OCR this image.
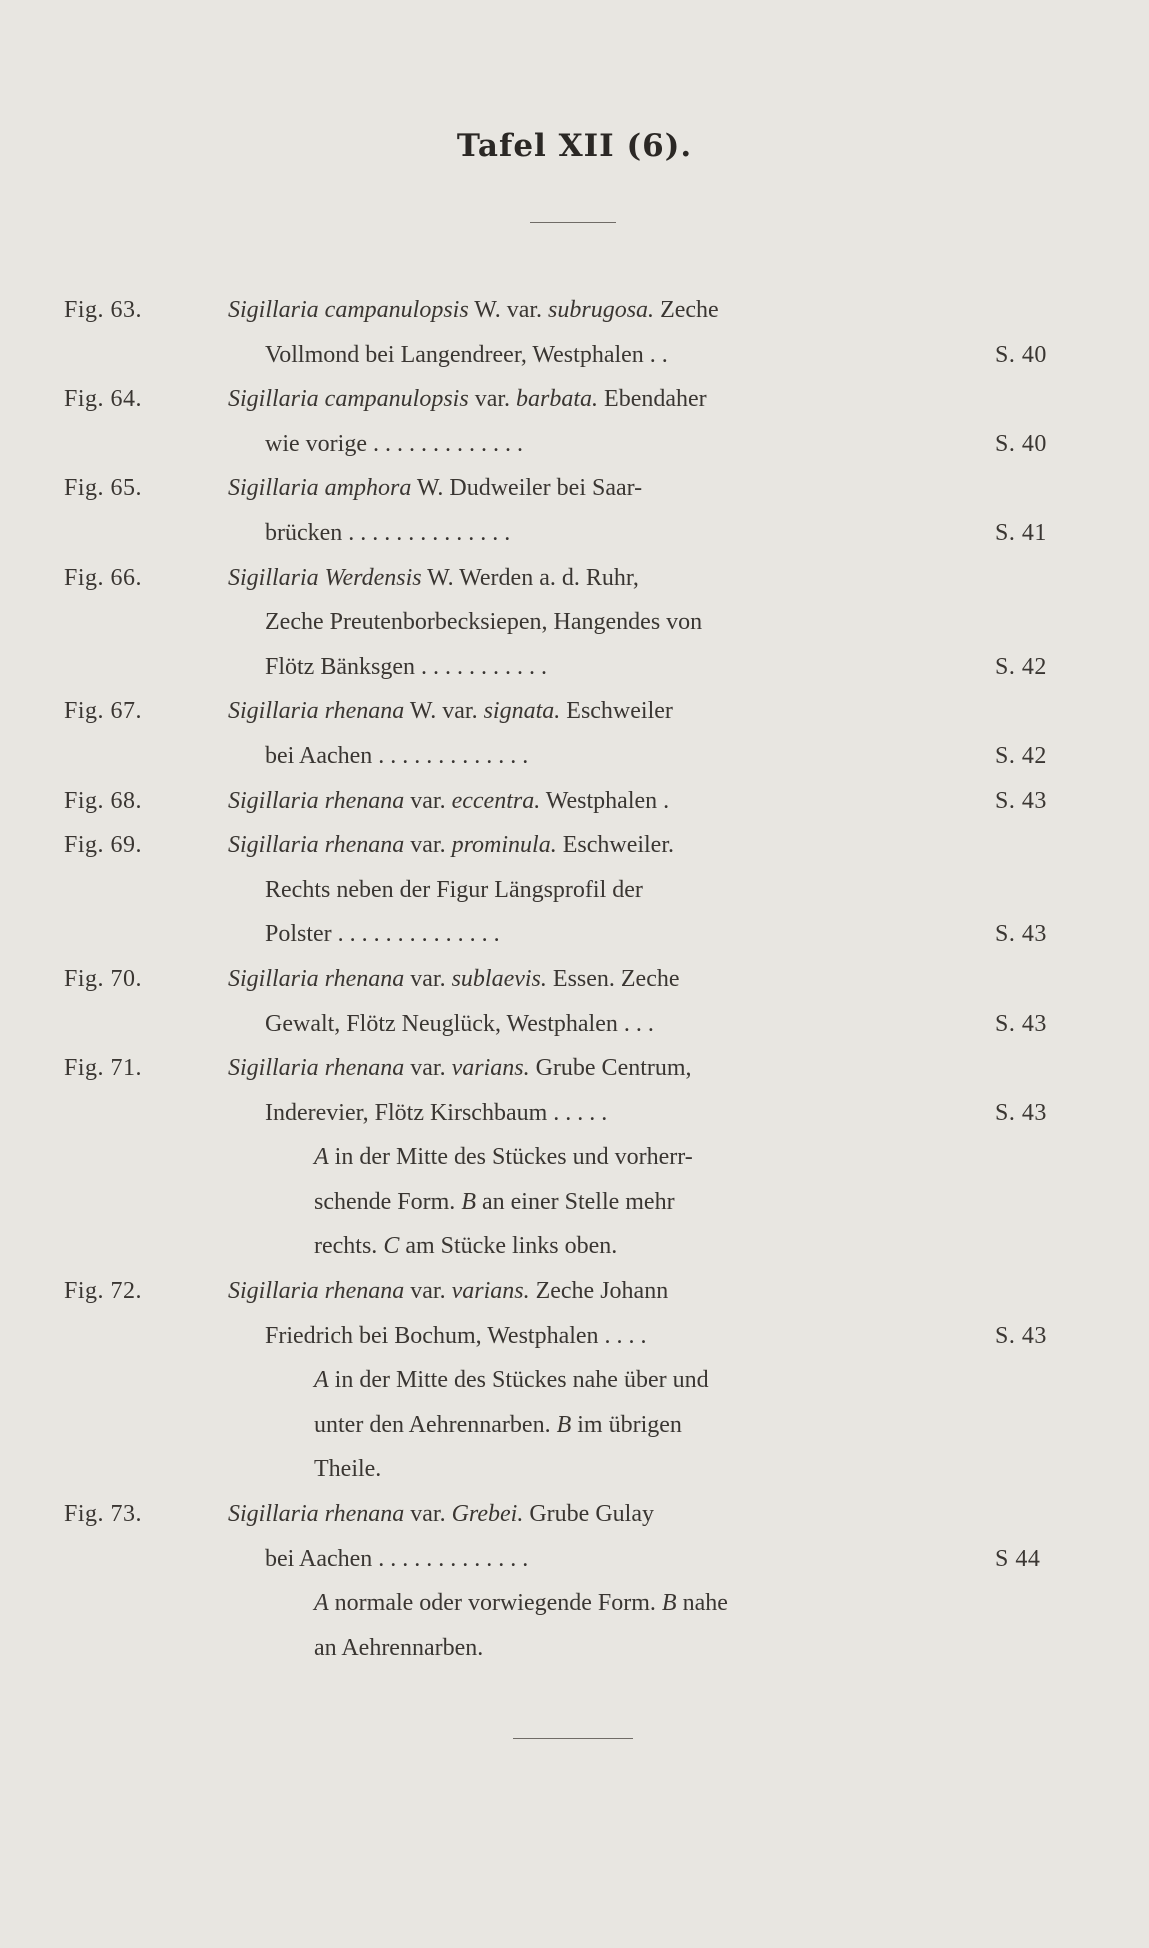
Tafel XII (6).
Fig. 63.	Sigillaria campanulopsis W. var. subrugosa. Zeche
Vollmond bei Langendreer, Westphalen . .	S. 40
Fig. 64.	Sigillaria campanulopsis var. barbata. Ebendaher
wie vorige . . . . . . . . . . . . .	S. 40
Fig. 65.	Sigillaria amphora W. Dudweiler bei Saar-
brücken . . . . . . . . . . . . . .	S. 41
Fig. 66.	Sigillaria Werdensis W. Werden a. d. Ruhr,
Zeche Preutenborbecksiepen, Hangendes von
Flötz Bänksgen . . . . . . . . . . .	S. 42
Fig. 67.	Sigillaria rhenana W. var. signata. Eschweiler
bei Aachen . . . . . . . . . . . . .	S. 42
Fig. 68.	Sigillaria rhenana var. eccentra. Westphalen .	S. 43
Fig. 69.	Sigillaria rhenana var. prominula. Eschweiler.
Rechts neben der Figur Längsprofil der
Polster . . . . . . . . . . . . . .	S. 43
Fig. 70.	Sigillaria rhenana var. sublaevis. Essen. Zeche
Gewalt, Flötz Neuglück, Westphalen . . .	S. 43
Fig. 71.	Sigillaria rhenana var. varians. Grube Centrum,
Inderevier, Flötz Kirschbaum . . . . .	S. 43
A in der Mitte des Stückes und vorherr-
schende Form. B an einer Stelle mehr
rechts. C am Stücke links oben.
Fig. 72.	Sigillaria rhenana var. varians. Zeche Johann
Friedrich bei Bochum, Westphalen . . . .	S. 43
A in der Mitte des Stückes nahe über und
unter den Aehrennarben. B im übrigen
Theile.
Fig. 73.	Sigillaria rhenana var. Grebei. Grube Gulay
bei Aachen . . . . . . . . . . . . .	S 44
A normale oder vorwiegende Form. B nahe
an Aehrennarben.
